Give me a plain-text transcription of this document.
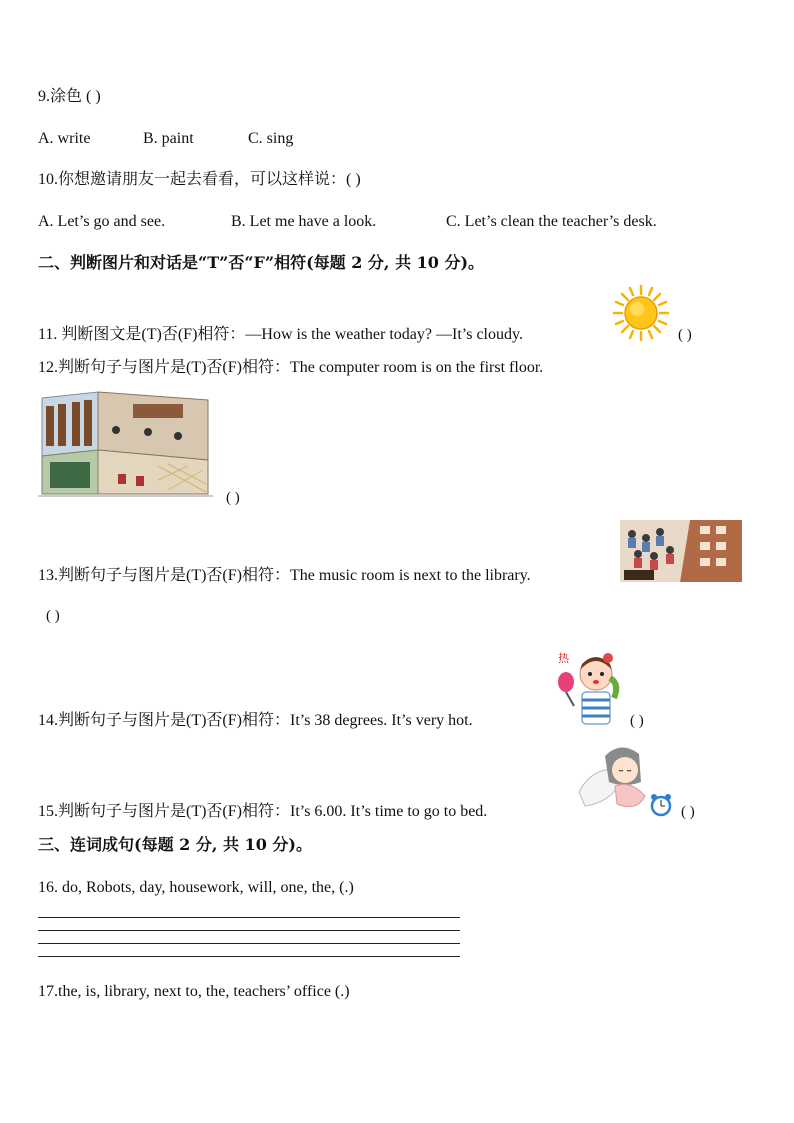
9.涂色 ( )
A. write	B. paint	C. sing
10.你想邀请朋友一起去看看，可以这样说：( )
A. Let’s go and see.	B. Let me have a look.	C. Let’s clean the teacher’s desk.
二、判断图片和对话是“T”否“F”相符(每题 2 分, 共 10 分)。
11. 判断图文是(T)否(F)相符：—How is the weather today? —It’s cloudy.	( )
12.判断句子与图片是(T)否(F)相符：The computer room is on the first floor.
( )
13.判断句子与图片是(T)否(F)相符：The music room is next to the library.
( )
14.判断句子与图片是(T)否(F)相符：It’s 38 degrees. It’s very hot.
热
( )
15.判断句子与图片是(T)否(F)相符：It’s 6.00. It’s time to go to bed.	( )
三、连词成句(每题 2 分, 共 10 分)。
16. do, Robots, day, housework, will, one, the, (.)
17.the, is, library, next to, the, teachers’ office (.)
